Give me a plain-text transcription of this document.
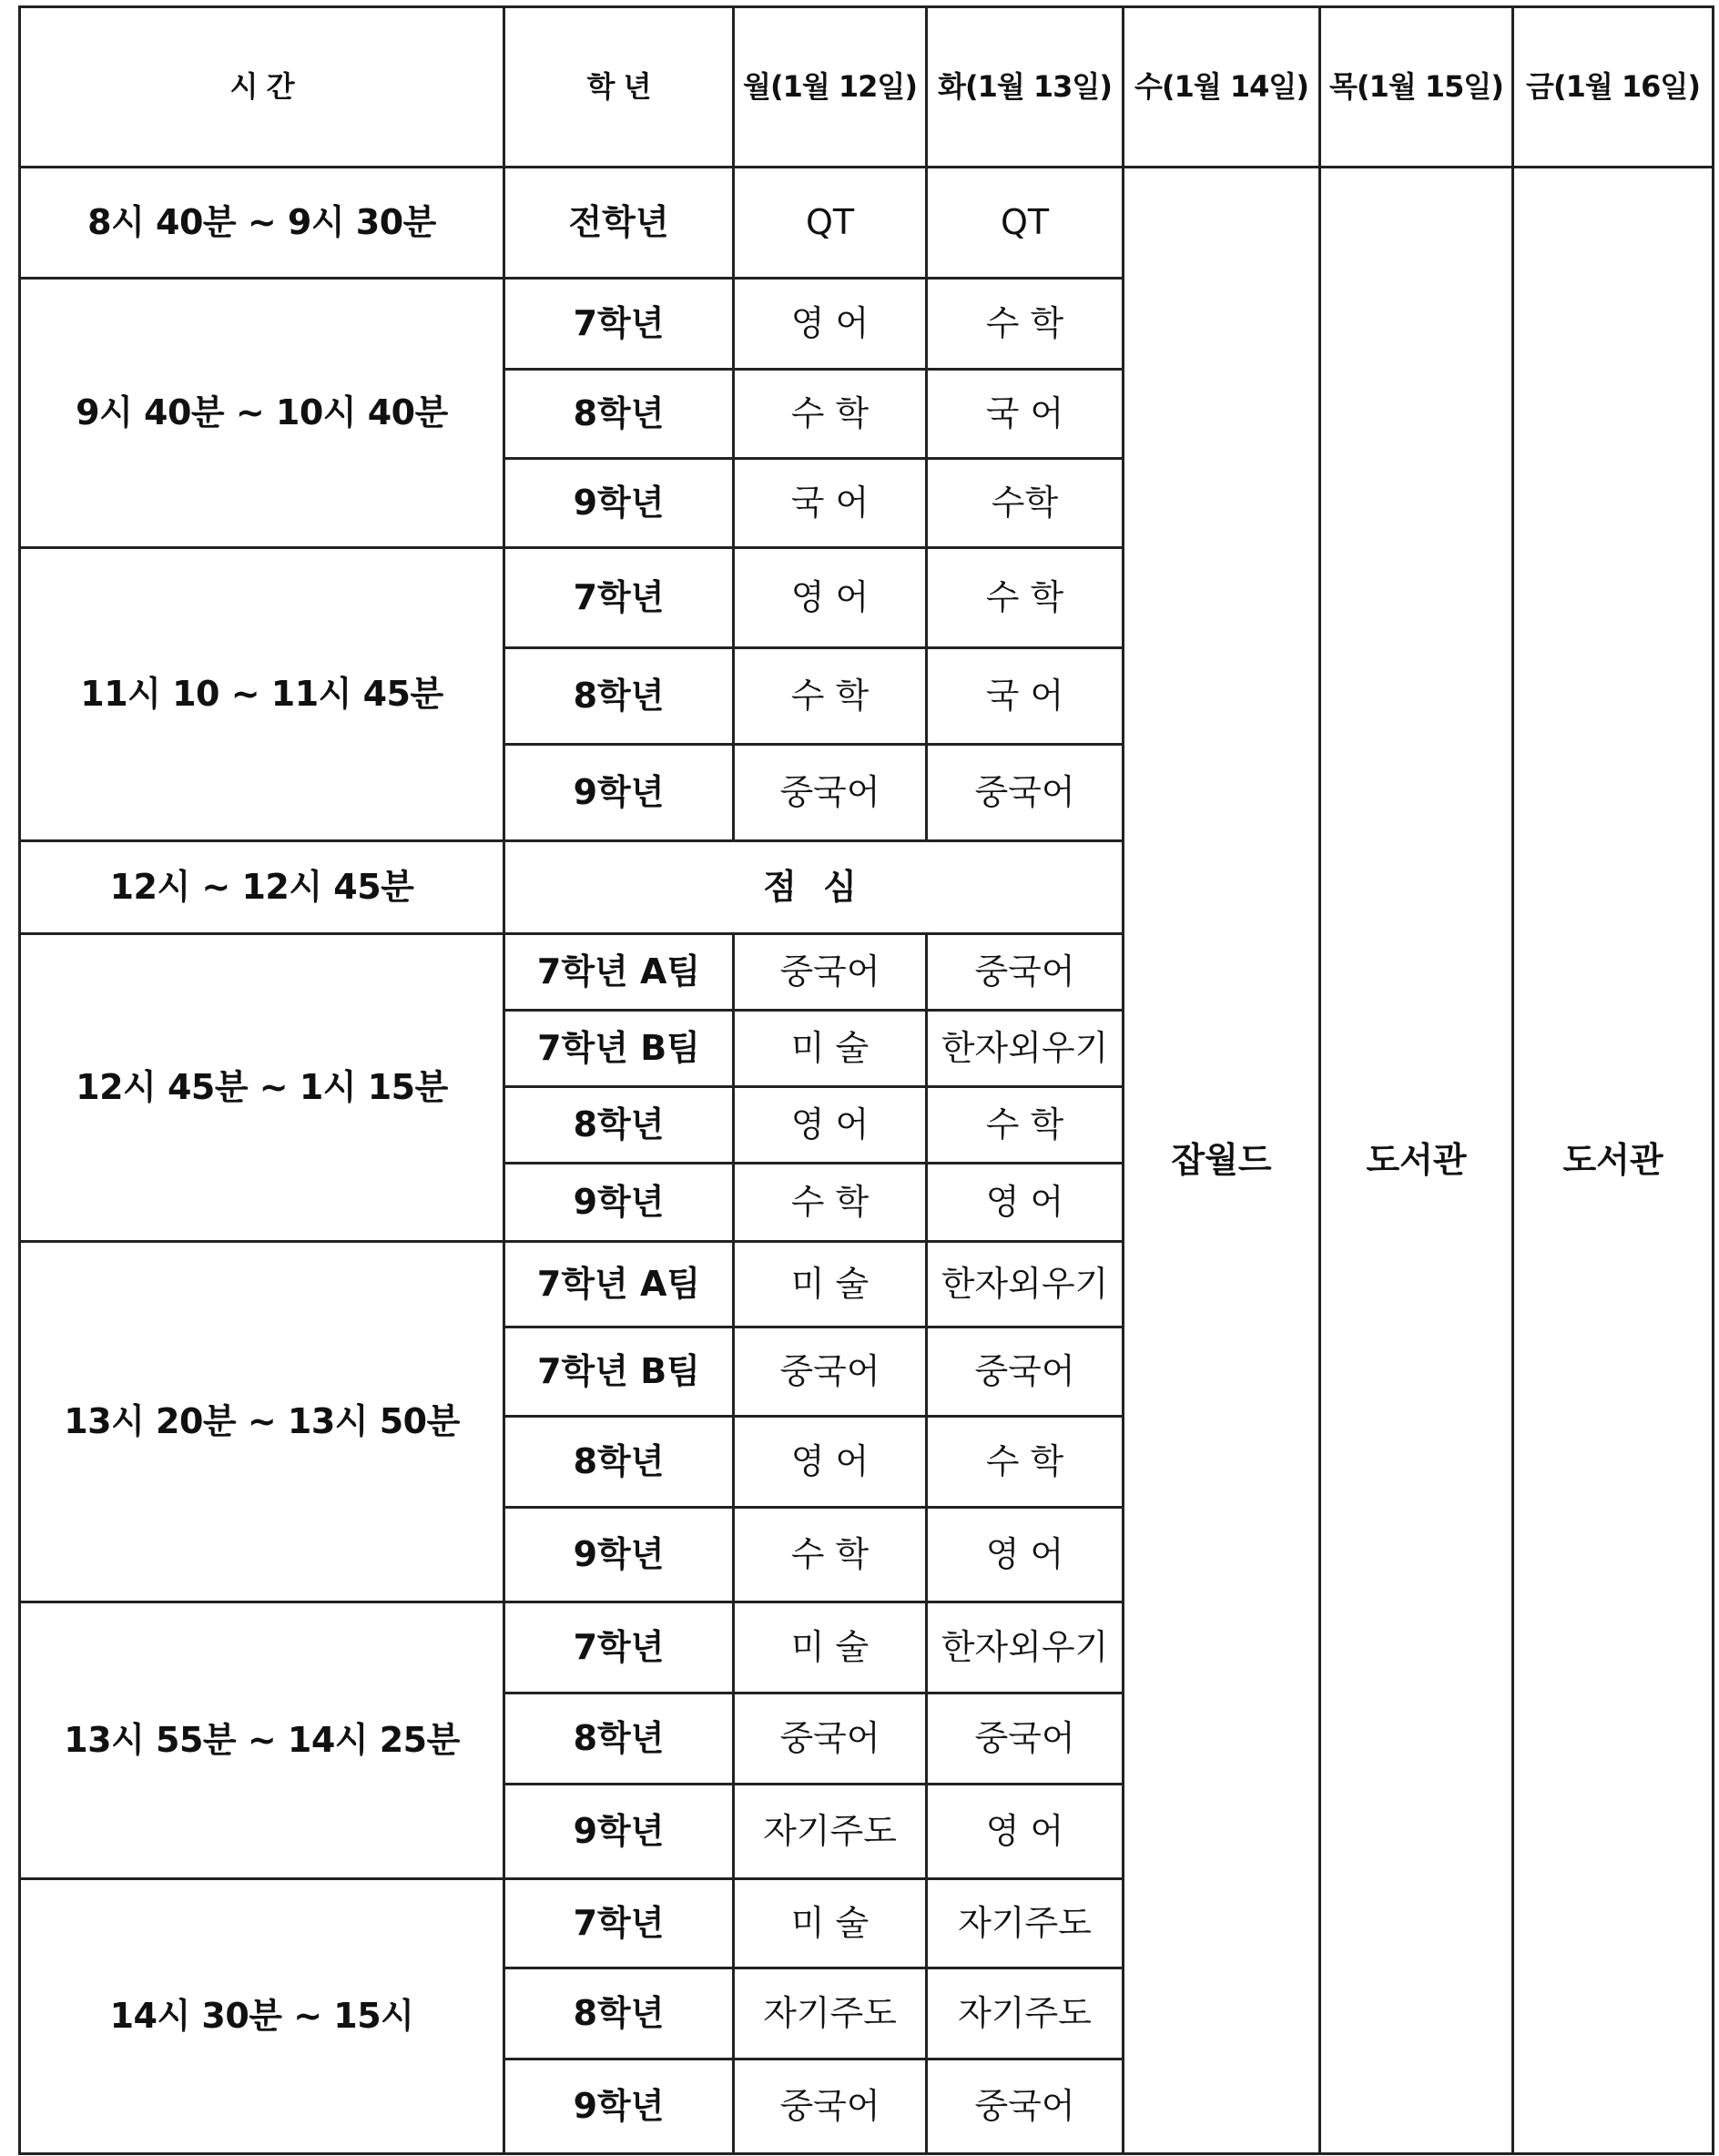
시 간	학 년	월(1월 12일)	화(1월 13일)	수(1월 14일)	목(1월 15일)	금(1월 16일)
8시 40분 ~ 9시 30분	전학년	QT	QT	잡월드	도서관	도서관
9시 40분 ~ 10시 40분	7학년	영 어	수 학			
	8학년	수 학	국 어			
	9학년	국 어	수학			
11시 10 ~ 11시 45분	7학년	영 어	수 학			
	8학년	수 학	국 어			
	9학년	중국어	중국어			
12시 ~ 12시 45분	점 심					
12시 45분 ~ 1시 15분	7학년 A팀	중국어	중국어			
	7학년 B팀	미 술	한자외우기			
	8학년	영 어	수 학			
	9학년	수 학	영 어			
13시 20분 ~ 13시 50분	7학년 A팀	미 술	한자외우기			
	7학년 B팀	중국어	중국어			
	8학년	영 어	수 학			
	9학년	수 학	영 어			
13시 55분 ~ 14시 25분	7학년	미 술	한자외우기			
	8학년	중국어	중국어			
	9학년	자기주도	영 어			
14시 30분 ~ 15시	7학년	미 술	자기주도			
	8학년	자기주도	자기주도			
	9학년	중국어	중국어			
